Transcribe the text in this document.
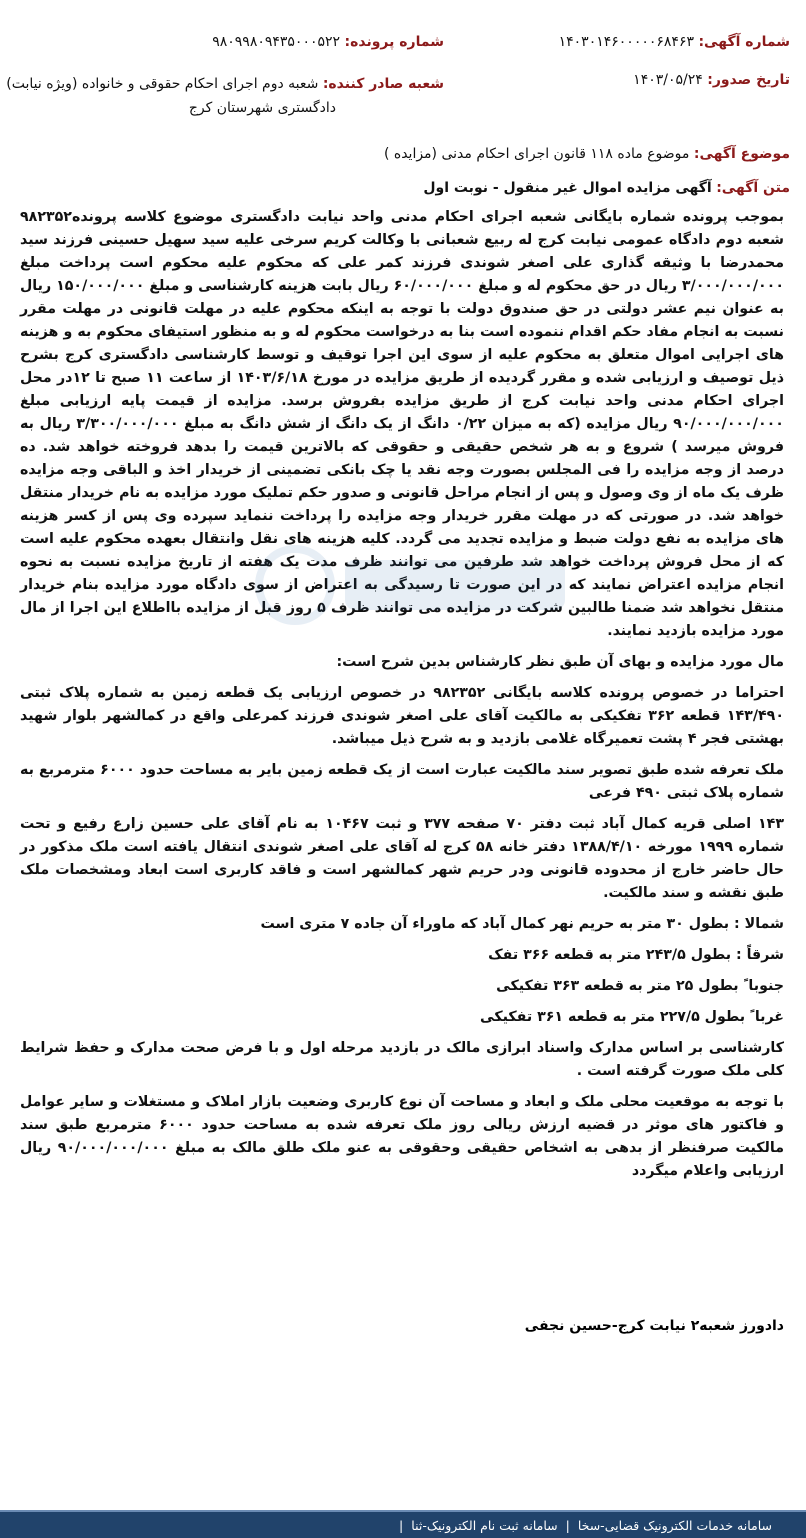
شماره آگهی: ۱۴۰۳۰۱۴۶۰۰۰۰۰۶۸۴۶۳
شماره پرونده: ۹۸۰۹۹۸۰۹۴۳۵۰۰۰۵۲۲
تاریخ صدور: ۱۴۰۳/۰۵/۲۴
شعبه صادر کننده: شعبه دوم اجرای احکام حقوقی و خانواده (ویژه نیابت)
دادگستری شهرستان کرج
موضوع آگهی: موضوع ماده ۱۱۸ قانون اجرای احکام مدنی (مزایده )
متن آگهی: آگهی مزایده اموال غیر منقول - نوبت اول

بموجب پرونده شماره بایگانی شعبه اجرای احکام مدنی واحد نیابت دادگستری موضوع کلاسه پرونده۹۸۲۳۵۲ شعبه دوم دادگاه عمومی نیابت کرج له ربیع شعبانی با وکالت کریم سرخی علیه سید سهیل حسینی فرزند سید محمدرضا با وثیقه گذاری علی اصغر شوندی فرزند کمر علی که محکوم علیه محکوم است پرداخت مبلغ ۳/۰۰۰/۰۰۰/۰۰۰ ریال در حق محکوم له و مبلغ ۶۰/۰۰۰/۰۰۰ ریال بابت هزینه کارشناسی و مبلغ ۱۵۰/۰۰۰/۰۰۰ ریال به عنوان نیم عشر دولتی در حق صندوق دولت با توجه به اینکه محکوم علیه در مهلت قانونی در مهلت مقرر نسبت به انجام مفاد حکم اقدام ننموده است بنا به درخواست محکوم له و به منظور استیفای محکوم به و هزینه های اجرایی اموال متعلق به محکوم علیه از سوی این اجرا توقیف و توسط کارشناسی دادگستری کرج بشرح ذیل توصیف و ارزیابی شده و مقرر گردیده از طریق مزایده در مورخ ۱۴۰۳/۶/۱۸ از ساعت ۱۱ صبح تا ۱۲در محل اجرای احکام مدنی واحد نیابت کرج از طریق مزایده بفروش برسد. مزایده از قیمت پایه ارزیابی مبلغ ۹۰/۰۰۰/۰۰۰/۰۰۰ ریال مزایده (که به میزان ۰/۲۲ دانگ از یک دانگ از شش دانگ به مبلغ ۳/۳۰۰/۰۰۰/۰۰۰ ریال به فروش میرسد ) شروع و به هر شخص حقیقی و حقوقی که بالاترین قیمت را بدهد فروخته خواهد شد. ده درصد از وجه مزایده را فی المجلس بصورت وجه نقد یا چک بانکی تضمینی از خریدار اخذ و الباقی وجه مزایده ظرف یک ماه از وی وصول و پس از انجام مراحل قانونی و صدور حکم تملیک مورد مزایده به نام خریدار منتقل خواهد شد. در صورتی که در مهلت مقرر خریدار وجه مزایده را پرداخت ننماید سپرده وی پس از کسر هزینه های مزایده به نفع دولت ضبط و مزایده تجدید می گردد. کلیه هزینه های نقل وانتقال بعهده محکوم علیه است که از محل فروش پرداخت خواهد شد طرفین می توانند ظرف مدت یک هفته از تاریخ مزایده نسبت به نحوه انجام مزایده اعتراض نمایند که در این صورت تا رسیدگی به اعتراض از سوی دادگاه مورد مزایده بنام خریدار منتقل نخواهد شد ضمنا طالبین شرکت در مزایده می توانند ظرف ۵ روز قبل از مزایده بااطلاع این اجرا از مال مورد مزایده بازدید نمایند.

مال مورد مزایده و بهای آن طبق نظر کارشناس بدین شرح است:

احتراما در خصوص پرونده کلاسه بایگانی ۹۸۲۳۵۲ در خصوص ارزیابی یک قطعه زمین به شماره پلاک ثبتی ۱۴۳/۴۹۰ قطعه ۳۶۲ تفکیکی به مالکیت آقای علی اصغر شوندی فرزند کمرعلی واقع در کمالشهر بلوار شهید بهشتی فجر ۴ پشت تعمیرگاه غلامی بازدید و به شرح ذیل میباشد.

ملک تعرفه شده طبق تصویر سند مالکیت عبارت است از یک قطعه زمین بایر به مساحت حدود ۶۰۰۰ مترمربع به شماره پلاک ثبتی ۴۹۰ فرعی

۱۴۳ اصلی قریه کمال آباد ثبت دفتر ۷۰ صفحه ۳۷۷ و ثبت ۱۰۴۶۷ به نام آقای علی حسین زارع رفیع و تحت شماره ۱۹۹۹ مورخه ۱۳۸۸/۴/۱۰ دفتر خانه ۵۸ کرج له آقای علی اصغر شوندی انتقال یافته است ملک مذکور در حال حاضر خارج از محدوده قانونی ودر حریم شهر کمالشهر است و فاقد کاربری است ابعاد ومشخصات ملک طبق نقشه و سند مالکیت.

شمالا : بطول ۳۰ متر به حریم نهر کمال آباد که ماوراء آن جاده ۷ متری است

شرقاً : بطول ۲۴۳/۵ متر به قطعه ۳۶۶ تفک

جنوبا ً بطول ۲۵ متر به قطعه ۳۶۳ تفکیکی

غربا ً بطول ۲۲۷/۵ متر به قطعه ۳۶۱ تفکیکی

کارشناسی بر اساس مدارک واسناد ابرازی مالک در بازدید مرحله اول و با فرض صحت مدارک و حفظ شرایط کلی ملک صورت گرفته است .

با توجه به موقعیت محلی ملک و ابعاد و مساحت آن نوع کاربری وضعیت بازار املاک و مستغلات و سایر عوامل و فاکتور های موثر در قضیه ارزش ریالی روز ملک تعرفه شده به مساحت حدود ۶۰۰۰ مترمربع طبق سند مالکیت صرفنظر از بدهی به اشخاص حقیقی وحقوقی به عنو ملک طلق مالک به مبلغ ۹۰/۰۰۰/۰۰۰/۰۰۰ ریال ارزیابی واعلام میگردد

دادورز شعبه۲ نیابت کرج-حسین نجفی
سامانه خدمات الکترونیک قضایی-سخا
|
سامانه ثبت نام الکترونیک-ثنا
|
